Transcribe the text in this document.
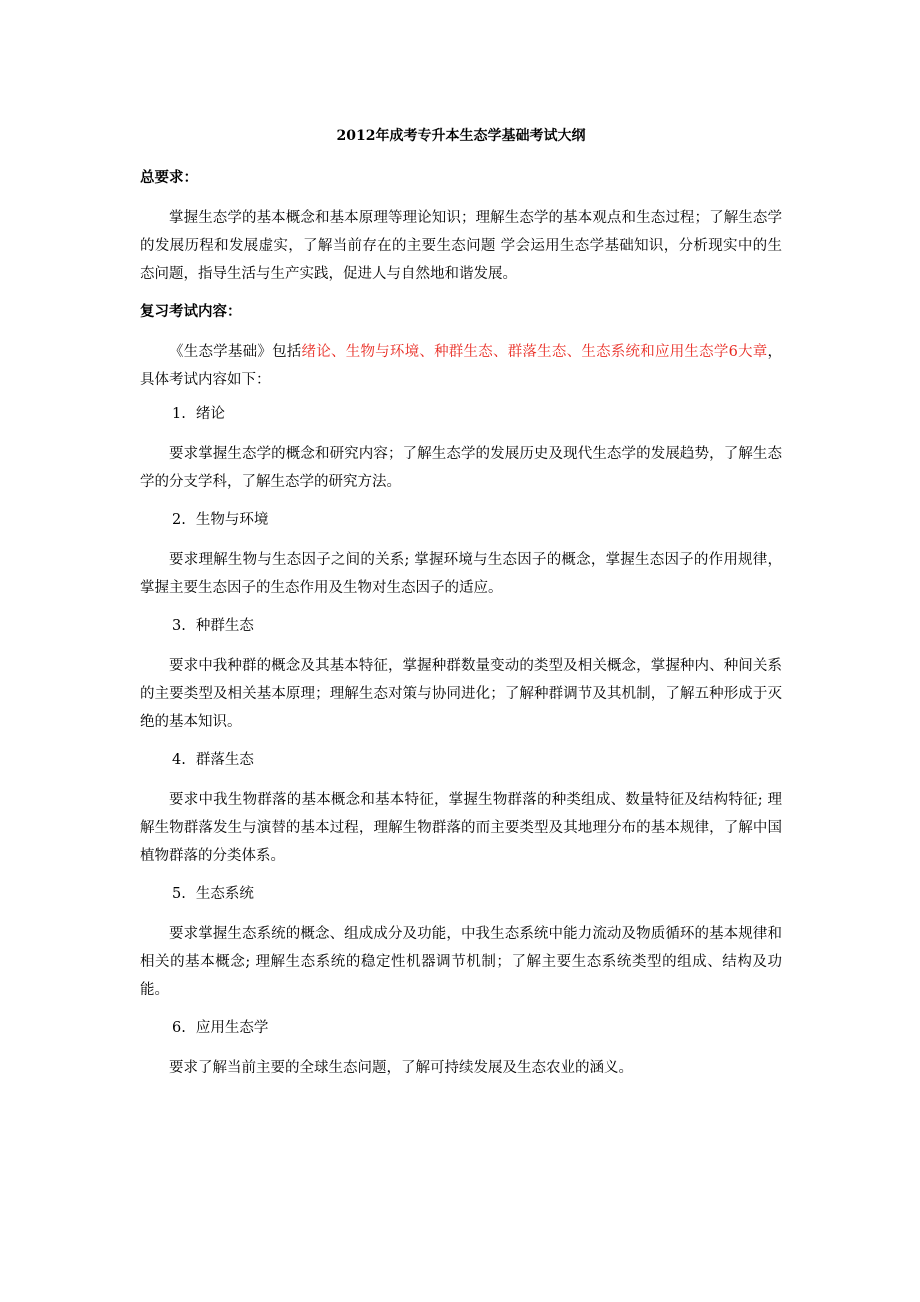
2012年成考专升本生态学基础考试大纲
总要求：
掌握生态学的基本概念和基本原理等理论知识；理解生态学的基本观点和生态过程；了解生态学的发展历程和发展虚实，了解当前存在的主要生态问题 学会运用生态学基础知识，分析现实中的生态问题，指导生活与生产实践，促进人与自然地和谐发展。
复习考试内容：
《生态学基础》包括绪论、生物与环境、种群生态、群落生态、生态系统和应用生态学6大章，具体考试内容如下：
1. 绪论
要求掌握生态学的概念和研究内容；了解生态学的发展历史及现代生态学的发展趋势，了解生态学的分支学科，了解生态学的研究方法。
2. 生物与环境
要求理解生物与生态因子之间的关系; 掌握环境与生态因子的概念，掌握生态因子的作用规律，掌握主要生态因子的生态作用及生物对生态因子的适应。
3. 种群生态
要求中我种群的概念及其基本特征，掌握种群数量变动的类型及相关概念，掌握种内、种间关系的主要类型及相关基本原理；理解生态对策与协同进化；了解种群调节及其机制，了解五种形成于灭绝的基本知识。
4. 群落生态
要求中我生物群落的基本概念和基本特征，掌握生物群落的种类组成、数量特征及结构特征; 理解生物群落发生与演替的基本过程，理解生物群落的而主要类型及其地理分布的基本规律，了解中国植物群落的分类体系。
5. 生态系统
要求掌握生态系统的概念、组成成分及功能，中我生态系统中能力流动及物质循环的基本规律和相关的基本概念; 理解生态系统的稳定性机器调节机制；了解主要生态系统类型的组成、结构及功能。
6. 应用生态学
要求了解当前主要的全球生态问题，了解可持续发展及生态农业的涵义。
